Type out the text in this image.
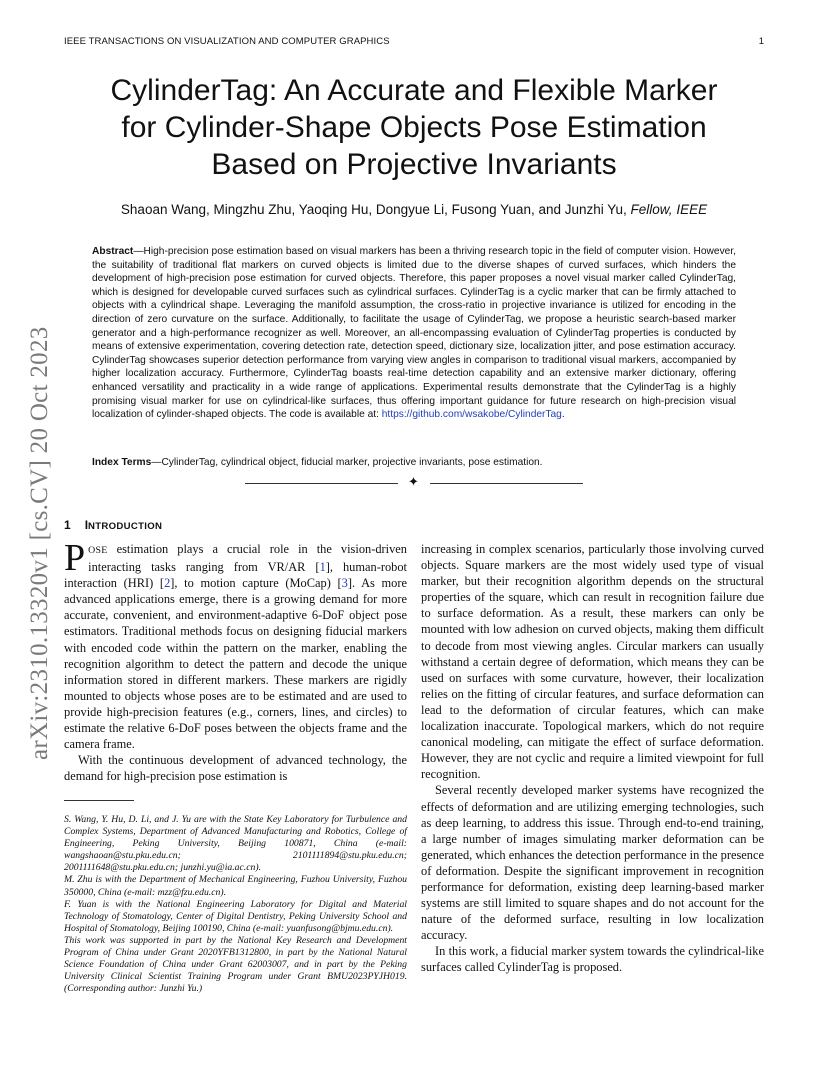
IEEE TRANSACTIONS ON VISUALIZATION AND COMPUTER GRAPHICS	1
CylinderTag: An Accurate and Flexible Marker
for Cylinder-Shape Objects Pose Estimation
Based on Projective Invariants
Shaoan Wang, Mingzhu Zhu, Yaoqing Hu, Dongyue Li, Fusong Yuan, and Junzhi Yu, Fellow, IEEE
arXiv:2310.13320v1 [cs.CV] 20 Oct 2023

Abstract—High-precision pose estimation based on visual markers has been a thriving research topic in the field of computer vision. However, the suitability of traditional flat markers on curved objects is limited due to the diverse shapes of curved surfaces, which hinders the development of high-precision pose estimation for curved objects. Therefore, this paper proposes a novel visual marker called CylinderTag, which is designed for developable curved surfaces such as cylindrical surfaces. CylinderTag is a cyclic marker that can be firmly attached to objects with a cylindrical shape. Leveraging the manifold assumption, the cross-ratio in projective invariance is utilized for encoding in the direction of zero curvature on the surface. Additionally, to facilitate the usage of CylinderTag, we propose a heuristic search-based marker generator and a high-performance recognizer as well. Moreover, an all-encompassing evaluation of CylinderTag properties is conducted by means of extensive experimentation, covering detection rate, detection speed, dictionary size, localization jitter, and pose estimation accuracy. CylinderTag showcases superior detection performance from varying view angles in comparison to traditional visual markers, accompanied by higher localization accuracy. Furthermore, CylinderTag boasts real-time detection capability and an extensive marker dictionary, offering enhanced versatility and practicality in a wide range of applications. Experimental results demonstrate that the CylinderTag is a highly promising visual marker for use on cylindrical-like surfaces, thus offering important guidance for future research on high-precision visual localization of cylinder-shaped objects. The code is available at: https://github.com/wsakobe/CylinderTag.

Index Terms—CylinderTag, cylindrical object, fiducial marker, projective invariants, pose estimation.

✦
1 INTRODUCTION

POSE estimation plays a crucial role in the vision-driven interacting tasks ranging from VR/AR [1], human-robot interaction (HRI) [2], to motion capture (MoCap) [3]. As more advanced applications emerge, there is a growing demand for more accurate, convenient, and environment-adaptive 6-DoF object pose estimators. Traditional methods focus on designing fiducial markers with encoded code within the pattern on the marker, enabling the recognition algorithm to detect the pattern and decode the unique information stored in different markers. These markers are rigidly mounted to objects whose poses are to be estimated and are used to provide high-precision features (e.g., corners, lines, and circles) to estimate the relative 6-DoF poses between the objects frame and the camera frame.

With the continuous development of advanced technology, the demand for high-precision pose estimation is

S. Wang, Y. Hu, D. Li, and J. Yu are with the State Key Laboratory for Turbulence and Complex Systems, Department of Advanced Manufacturing and Robotics, College of Engineering, Peking University, Beijing 100871, China (e-mail: wangshaoan@stu.pku.edu.cn; 2101111894@stu.pku.edu.cn; 2001111648@stu.pku.edu.cn; junzhi.yu@ia.ac.cn).

M. Zhu is with the Department of Mechanical Engineering, Fuzhou University, Fuzhou 350000, China (e-mail: mzz@fzu.edu.cn).

F. Yuan is with the National Engineering Laboratory for Digital and Material Technology of Stomatology, Center of Digital Dentistry, Peking University School and Hospital of Stomatology, Beijing 100190, China (e-mail: yuanfusong@bjmu.edu.cn).

This work was supported in part by the National Key Research and Development Program of China under Grant 2020YFB1312800, in part by the National Natural Science Foundation of China under Grant 62003007, and in part by the Peking University Clinical Scientist Training Program under Grant BMU2023PYJH019. (Corresponding author: Junzhi Yu.)

increasing in complex scenarios, particularly those involving curved objects. Square markers are the most widely used type of visual marker, but their recognition algorithm depends on the structural properties of the square, which can result in recognition failure due to surface deformation. As a result, these markers can only be mounted with low adhesion on curved objects, making them difficult to decode from most viewing angles. Circular markers can usually withstand a certain degree of deformation, which means they can be used on surfaces with some curvature, however, their localization relies on the fitting of circular features, and surface deformation can lead to the deformation of circular features, which can make localization inaccurate. Topological markers, which do not require canonical modeling, can mitigate the effect of surface deformation. However, they are not cyclic and require a limited viewpoint for full recognition.

Several recently developed marker systems have recognized the effects of deformation and are utilizing emerging technologies, such as deep learning, to address this issue. Through end-to-end training, a large number of images simulating marker deformation can be generated, which enhances the detection performance in the presence of deformation. Despite the significant improvement in recognition performance for deformation, existing deep learning-based marker systems are still limited to square shapes and do not account for the nature of the deformed surface, resulting in low localization accuracy.

In this work, a fiducial marker system towards the cylindrical-like surfaces called CylinderTag is proposed.
